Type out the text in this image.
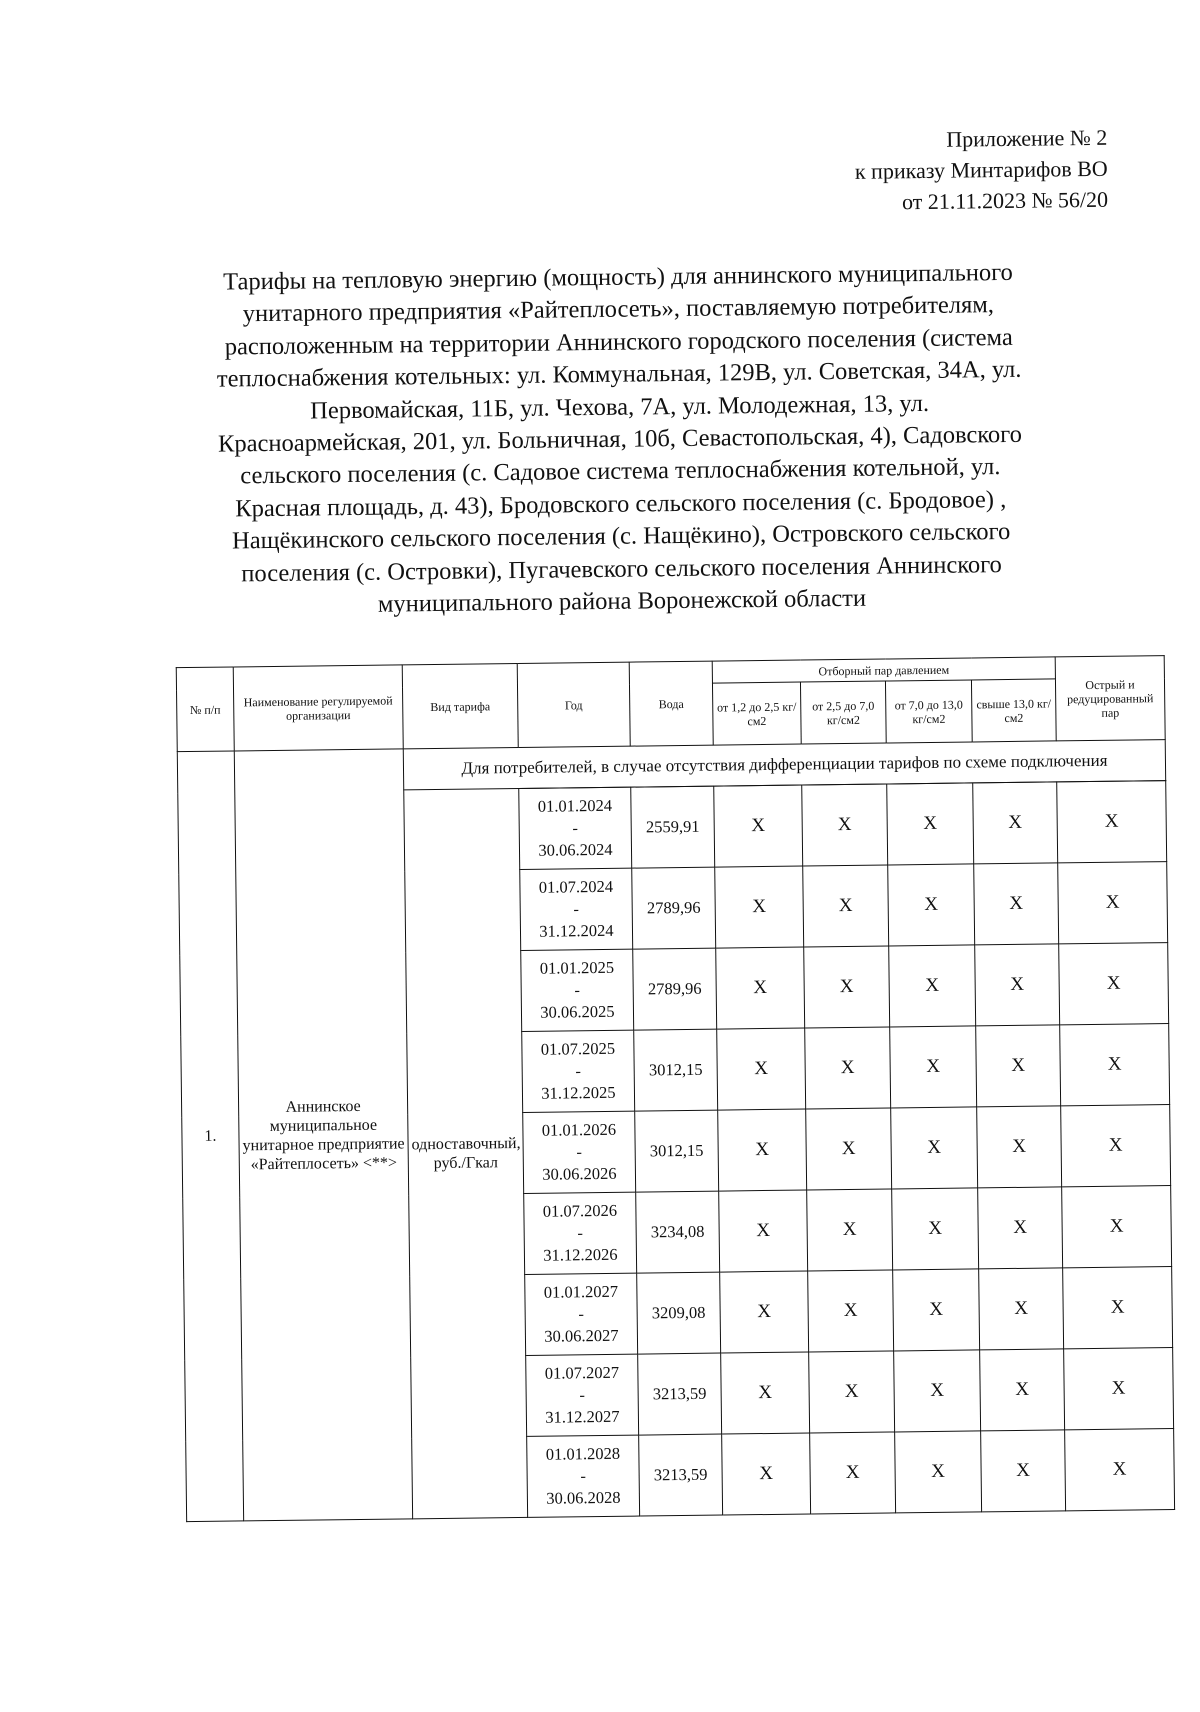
Приложение № 2
к приказу Минтарифов ВО
от 21.11.2023 № 56/20
Тарифы на тепловую энергию (мощность) для аннинского муниципального
унитарного предприятия «Райтеплосеть», поставляемую потребителям,
расположенным на территории Аннинского городского поселения (система
теплоснабжения котельных: ул. Коммунальная, 129В, ул. Советская, 34А, ул.
Первомайская, 11Б, ул. Чехова, 7А, ул. Молодежная, 13, ул.
Красноармейская, 201, ул. Больничная, 10б, Севастопольская, 4), Садовского
сельского поселения (с. Садовое система теплоснабжения котельной, ул.
Красная площадь, д. 43), Бродовского сельского поселения (с. Бродовое) ,
Нащёкинского сельского поселения (с. Нащёкино), Островского сельского
поселения (с. Островки), Пугачевского сельского поселения Аннинского
муниципального района Воронежской области
№ п/п	Наименование регулируемой организации	Вид тарифа	Год	Вода	Отборный пар давлением				Острый и редуцированный пар
					от 1,2 до 2,5 кг/см2	от 2,5 до 7,0 кг/см2	от 7,0 до 13,0 кг/см2	свыше 13,0 кг/см2	
1.	Аннинское муниципальное унитарное предприятие «Райтеплосеть» <**>	Для потребителей, в случае отсутствия дифференциации тарифов по схеме подключения							
		одноставочный, руб./Гкал							

			01.01.2024
-
30.06.2024	2559,91	X	X	X	X	X

			01.07.2024
-
31.12.2024	2789,96	X	X	X	X	X

			01.01.2025
-
30.06.2025	2789,96	X	X	X	X	X

			01.07.2025
-
31.12.2025	3012,15	X	X	X	X	X

			01.01.2026
-
30.06.2026	3012,15	X	X	X	X	X

			01.07.2026
-
31.12.2026	3234,08	X	X	X	X	X

			01.01.2027
-
30.06.2027	3209,08	X	X	X	X	X

			01.07.2027
-
31.12.2027	3213,59	X	X	X	X	X

			01.01.2028
-
30.06.2028	3213,59	X	X	X	X	X
